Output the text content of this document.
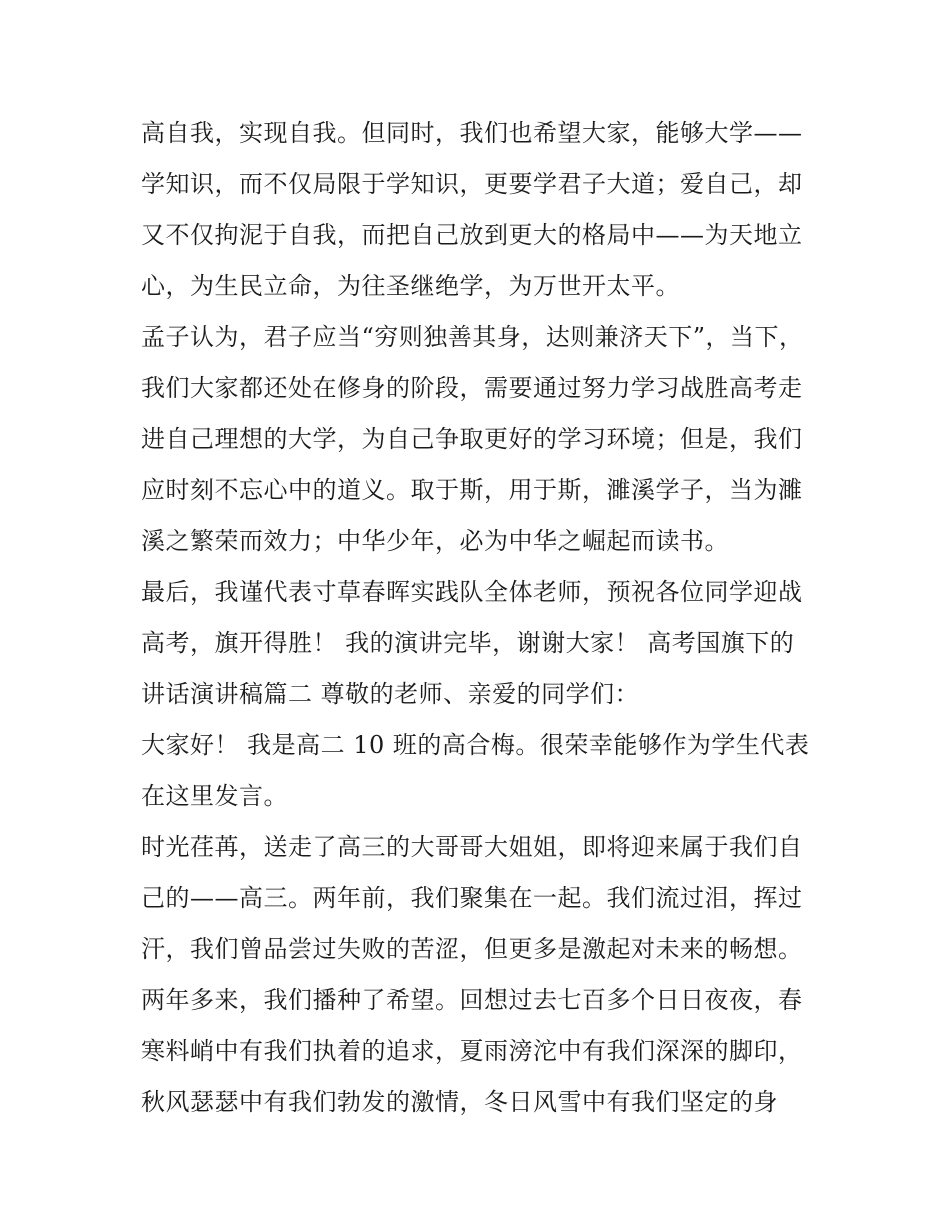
高自我，实现自我。但同时，我们也希望大家，能够大学——
学知识，而不仅局限于学知识，更要学君子大道；爱自己，却
又不仅拘泥于自我，而把自己放到更大的格局中——为天地立
心，为生民立命，为往圣继绝学，为万世开太平。
孟子认为，君子应当“穷则独善其身，达则兼济天下”，当下，
我们大家都还处在修身的阶段，需要通过努力学习战胜高考走
进自己理想的大学，为自己争取更好的学习环境；但是，我们
应时刻不忘心中的道义。取于斯，用于斯，濉溪学子，当为濉
溪之繁荣而效力；中华少年，必为中华之崛起而读书。
最后，我谨代表寸草春晖实践队全体老师，预祝各位同学迎战
高考，旗开得胜！ 我的演讲完毕，谢谢大家！ 高考国旗下的
讲话演讲稿篇二 尊敬的老师、亲爱的同学们：
大家好！ 我是高二 10 班的高合梅。很荣幸能够作为学生代表
在这里发言。
时光荏苒，送走了高三的大哥哥大姐姐，即将迎来属于我们自
己的——高三。两年前，我们聚集在一起。我们流过泪，挥过
汗，我们曾品尝过失败的苦涩，但更多是激起对未来的畅想。
两年多来，我们播种了希望。回想过去七百多个日日夜夜，春
寒料峭中有我们执着的追求，夏雨滂沱中有我们深深的脚印，
秋风瑟瑟中有我们勃发的激情，冬日风雪中有我们坚定的身
